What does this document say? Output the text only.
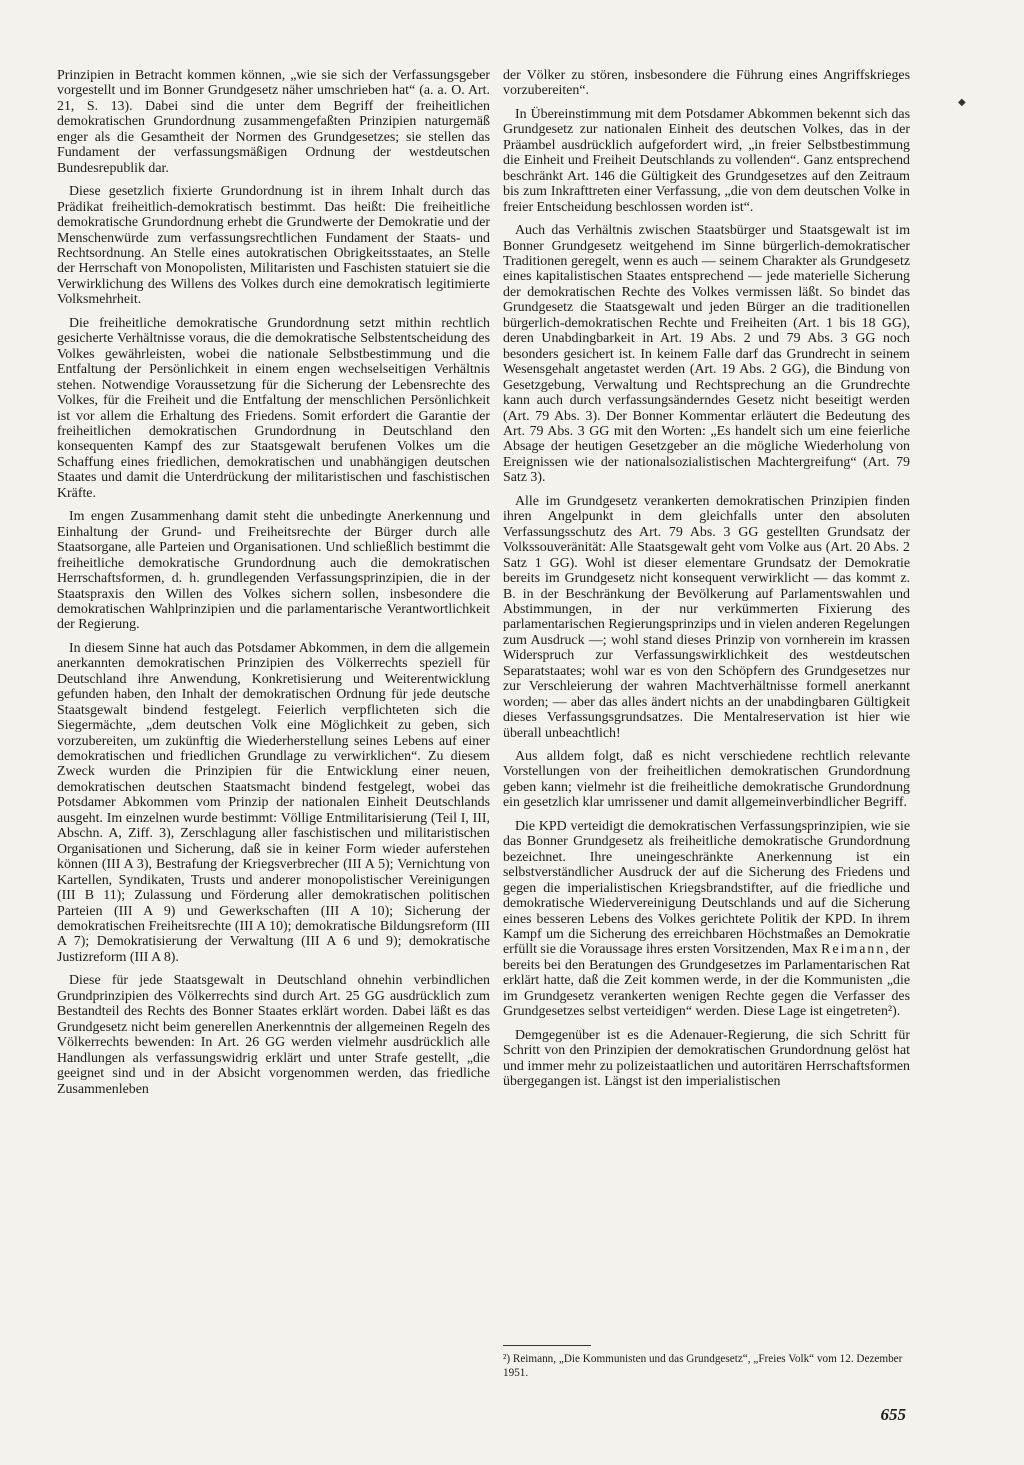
Prinzipien in Betracht kommen können, „wie sie sich der Verfassungsgeber vorgestellt und im Bonner Grundgesetz näher umschrieben hat“ (a. a. O. Art. 21, S. 13). Dabei sind die unter dem Begriff der freiheitlichen demokratischen Grundordnung zusammengefaßten Prinzipien naturgemäß enger als die Gesamtheit der Normen des Grundgesetzes; sie stellen das Fundament der verfassungsmäßigen Ordnung der westdeutschen Bundesrepublik dar.

Diese gesetzlich fixierte Grundordnung ist in ihrem Inhalt durch das Prädikat freiheitlich-demokratisch bestimmt. Das heißt: Die freiheitliche demokratische Grundordnung erhebt die Grundwerte der Demokratie und der Menschenwürde zum verfassungsrechtlichen Fundament der Staats- und Rechtsordnung. An Stelle eines autokratischen Obrigkeitsstaates, an Stelle der Herrschaft von Monopolisten, Militaristen und Faschisten statuiert sie die Verwirklichung des Willens des Volkes durch eine demokratisch legitimierte Volksmehrheit.

Die freiheitliche demokratische Grundordnung setzt mithin rechtlich gesicherte Verhältnisse voraus, die die demokratische Selbstentscheidung des Volkes gewährleisten, wobei die nationale Selbstbestimmung und die Entfaltung der Persönlichkeit in einem engen wechselseitigen Verhältnis stehen. Notwendige Voraussetzung für die Sicherung der Lebensrechte des Volkes, für die Freiheit und die Entfaltung der menschlichen Persönlichkeit ist vor allem die Erhaltung des Friedens. Somit erfordert die Garantie der freiheitlichen demokratischen Grundordnung in Deutschland den konsequenten Kampf des zur Staatsgewalt berufenen Volkes um die Schaffung eines friedlichen, demokratischen und unabhängigen deutschen Staates und damit die Unterdrückung der militaristischen und faschistischen Kräfte.

Im engen Zusammenhang damit steht die unbedingte Anerkennung und Einhaltung der Grund- und Freiheitsrechte der Bürger durch alle Staatsorgane, alle Parteien und Organisationen. Und schließlich bestimmt die freiheitliche demokratische Grundordnung auch die demokratischen Herrschaftsformen, d. h. grundlegenden Verfassungsprinzipien, die in der Staatspraxis den Willen des Volkes sichern sollen, insbesondere die demokratischen Wahlprinzipien und die parlamentarische Verantwortlichkeit der Regierung.

In diesem Sinne hat auch das Potsdamer Abkommen, in dem die allgemein anerkannten demokratischen Prinzipien des Völkerrechts speziell für Deutschland ihre Anwendung, Konkretisierung und Weiterentwicklung gefunden haben, den Inhalt der demokratischen Ordnung für jede deutsche Staatsgewalt bindend festgelegt. Feierlich verpflichteten sich die Siegermächte, „dem deutschen Volk eine Möglichkeit zu geben, sich vorzubereiten, um zukünftig die Wiederherstellung seines Lebens auf einer demokratischen und friedlichen Grundlage zu verwirklichen“. Zu diesem Zweck wurden die Prinzipien für die Entwicklung einer neuen, demokratischen deutschen Staatsmacht bindend festgelegt, wobei das Potsdamer Abkommen vom Prinzip der nationalen Einheit Deutschlands ausgeht. Im einzelnen wurde bestimmt: Völlige Entmilitarisierung (Teil I, III, Abschn. A, Ziff. 3), Zerschlagung aller faschistischen und militaristischen Organisationen und Sicherung, daß sie in keiner Form wieder auferstehen können (III A 3), Bestrafung der Kriegsverbrecher (III A 5); Vernichtung von Kartellen, Syndikaten, Trusts und anderer monopolistischer Vereinigungen (III B 11); Zulassung und Förderung aller demokratischen politischen Parteien (III A 9) und Gewerkschaften (III A 10); Sicherung der demokratischen Freiheitsrechte (III A 10); demokratische Bildungsreform (III A 7); Demokratisierung der Verwaltung (III A 6 und 9); demokratische Justizreform (III A 8).

Diese für jede Staatsgewalt in Deutschland ohnehin verbindlichen Grundprinzipien des Völkerrechts sind durch Art. 25 GG ausdrücklich zum Bestandteil des Rechts des Bonner Staates erklärt worden. Dabei läßt es das Grundgesetz nicht beim generellen Anerkenntnis der allgemeinen Regeln des Völkerrechts bewenden: In Art. 26 GG werden vielmehr ausdrücklich alle Handlungen als verfassungswidrig erklärt und unter Strafe gestellt, „die geeignet sind und in der Absicht vorgenommen werden, das friedliche Zusammenleben

der Völker zu stören, insbesondere die Führung eines Angriffskrieges vorzubereiten“.

In Übereinstimmung mit dem Potsdamer Abkommen bekennt sich das Grundgesetz zur nationalen Einheit des deutschen Volkes, das in der Präambel ausdrücklich aufgefordert wird, „in freier Selbstbestimmung die Einheit und Freiheit Deutschlands zu vollenden“. Ganz entsprechend beschränkt Art. 146 die Gültigkeit des Grundgesetzes auf den Zeitraum bis zum Inkrafttreten einer Verfassung, „die von dem deutschen Volke in freier Entscheidung beschlossen worden ist“.

Auch das Verhältnis zwischen Staatsbürger und Staatsgewalt ist im Bonner Grundgesetz weitgehend im Sinne bürgerlich-demokratischer Traditionen geregelt, wenn es auch — seinem Charakter als Grundgesetz eines kapitalistischen Staates entsprechend — jede materielle Sicherung der demokratischen Rechte des Volkes vermissen läßt. So bindet das Grundgesetz die Staatsgewalt und jeden Bürger an die traditionellen bürgerlich-demokratischen Rechte und Freiheiten (Art. 1 bis 18 GG), deren Unabdingbarkeit in Art. 19 Abs. 2 und 79 Abs. 3 GG noch besonders gesichert ist. In keinem Falle darf das Grundrecht in seinem Wesensgehalt angetastet werden (Art. 19 Abs. 2 GG), die Bindung von Gesetzgebung, Verwaltung und Rechtsprechung an die Grundrechte kann auch durch verfassungsänderndes Gesetz nicht beseitigt werden (Art. 79 Abs. 3). Der Bonner Kommentar erläutert die Bedeutung des Art. 79 Abs. 3 GG mit den Worten: „Es handelt sich um eine feierliche Absage der heutigen Gesetzgeber an die mögliche Wiederholung von Ereignissen wie der nationalsozialistischen Machtergreifung“ (Art. 79 Satz 3).

Alle im Grundgesetz verankerten demokratischen Prinzipien finden ihren Angelpunkt in dem gleichfalls unter den absoluten Verfassungsschutz des Art. 79 Abs. 3 GG gestellten Grundsatz der Volkssouveränität: Alle Staatsgewalt geht vom Volke aus (Art. 20 Abs. 2 Satz 1 GG). Wohl ist dieser elementare Grundsatz der Demokratie bereits im Grundgesetz nicht konsequent verwirklicht — das kommt z. B. in der Beschränkung der Bevölkerung auf Parlamentswahlen und Abstimmungen, in der nur verkümmerten Fixierung des parlamentarischen Regierungsprinzips und in vielen anderen Regelungen zum Ausdruck —; wohl stand dieses Prinzip von vornherein im krassen Widerspruch zur Verfassungswirklichkeit des westdeutschen Separatstaates; wohl war es von den Schöpfern des Grundgesetzes nur zur Verschleierung der wahren Machtverhältnisse formell anerkannt worden; — aber das alles ändert nichts an der unabdingbaren Gültigkeit dieses Verfassungsgrundsatzes. Die Mentalreservation ist hier wie überall unbeachtlich!

Aus alldem folgt, daß es nicht verschiedene rechtlich relevante Vorstellungen von der freiheitlichen demokratischen Grundordnung geben kann; vielmehr ist die freiheitliche demokratische Grundordnung ein gesetzlich klar umrissener und damit allgemeinverbindlicher Begriff.

Die KPD verteidigt die demokratischen Verfassungsprinzipien, wie sie das Bonner Grundgesetz als freiheitliche demokratische Grundordnung bezeichnet. Ihre uneingeschränkte Anerkennung ist ein selbstverständlicher Ausdruck der auf die Sicherung des Friedens und gegen die imperialistischen Kriegsbrandstifter, auf die friedliche und demokratische Wiedervereinigung Deutschlands und auf die Sicherung eines besseren Lebens des Volkes gerichtete Politik der KPD. In ihrem Kampf um die Sicherung des erreichbaren Höchstmaßes an Demokratie erfüllt sie die Voraussage ihres ersten Vorsitzenden, Max Reimann, der bereits bei den Beratungen des Grundgesetzes im Parlamentarischen Rat erklärt hatte, daß die Zeit kommen werde, in der die Kommunisten „die im Grundgesetz verankerten wenigen Rechte gegen die Verfasser des Grundgesetzes selbst verteidigen“ werden. Diese Lage ist eingetreten²).

Demgegenüber ist es die Adenauer-Regierung, die sich Schritt für Schritt von den Prinzipien der demokratischen Grundordnung gelöst hat und immer mehr zu polizeistaatlichen und autoritären Herrschaftsformen übergegangen ist. Längst ist den imperialistischen

²) Reimann, „Die Kommunisten und das Grundgesetz“, „Freies Volk“ vom 12. Dezember 1951.
◆
655
